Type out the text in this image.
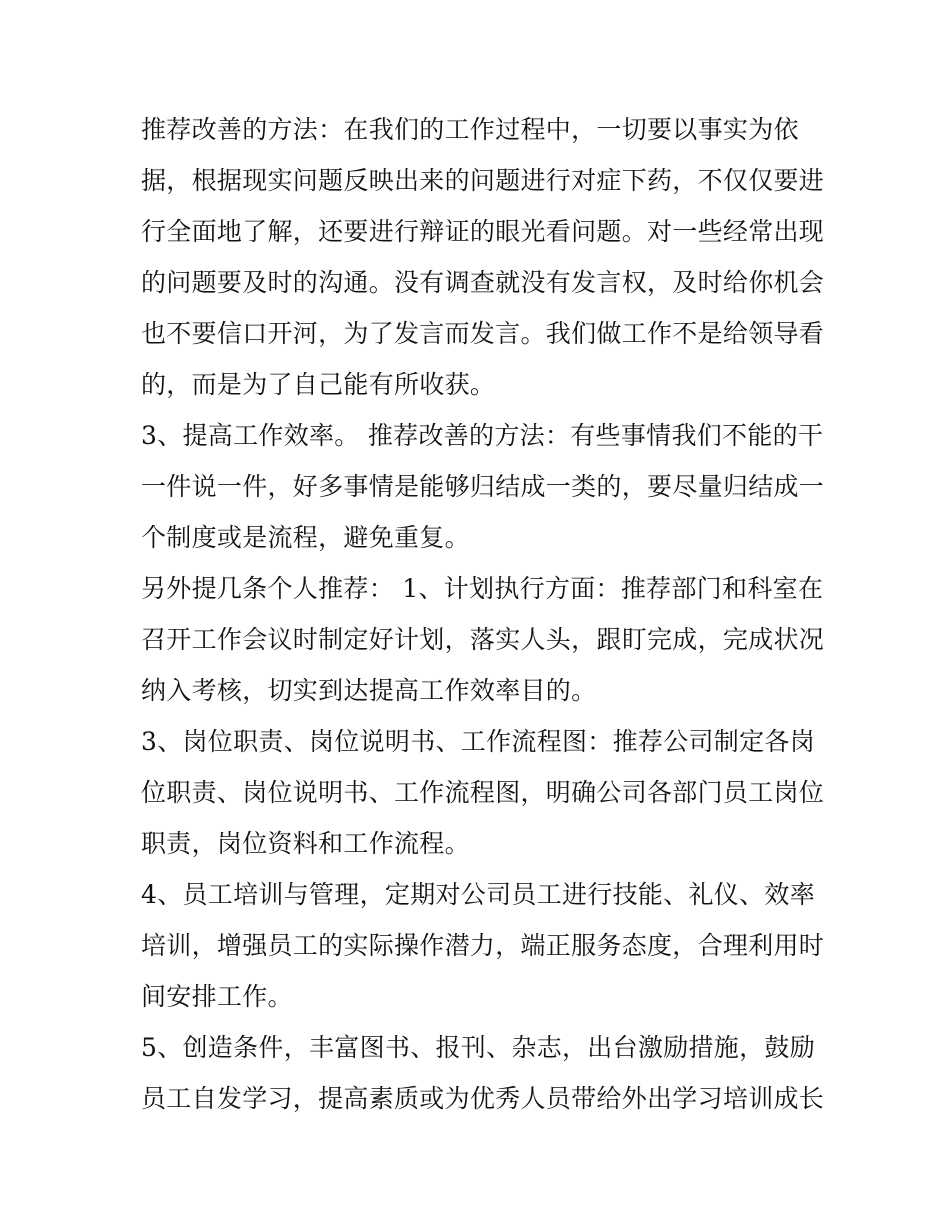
推荐改善的方法：在我们的工作过程中，一切要以事实为依
据，根据现实问题反映出来的问题进行对症下药，不仅仅要进
行全面地了解，还要进行辩证的眼光看问题。对一些经常出现
的问题要及时的沟通。没有调查就没有发言权，及时给你机会
也不要信口开河，为了发言而发言。我们做工作不是给领导看
的，而是为了自己能有所收获。

3、提高工作效率。 推荐改善的方法：有些事情我们不能的干
一件说一件，好多事情是能够归结成一类的，要尽量归结成一
个制度或是流程，避免重复。

另外提几条个人推荐： 1、计划执行方面：推荐部门和科室在
召开工作会议时制定好计划，落实人头，跟盯完成，完成状况
纳入考核，切实到达提高工作效率目的。

3、岗位职责、岗位说明书、工作流程图：推荐公司制定各岗
位职责、岗位说明书、工作流程图，明确公司各部门员工岗位
职责，岗位资料和工作流程。

4、员工培训与管理，定期对公司员工进行技能、礼仪、效率
培训，增强员工的实际操作潜力，端正服务态度，合理利用时
间安排工作。

5、创造条件，丰富图书、报刊、杂志，出台激励措施，鼓励
员工自发学习，提高素质或为优秀人员带给外出学习培训成长
